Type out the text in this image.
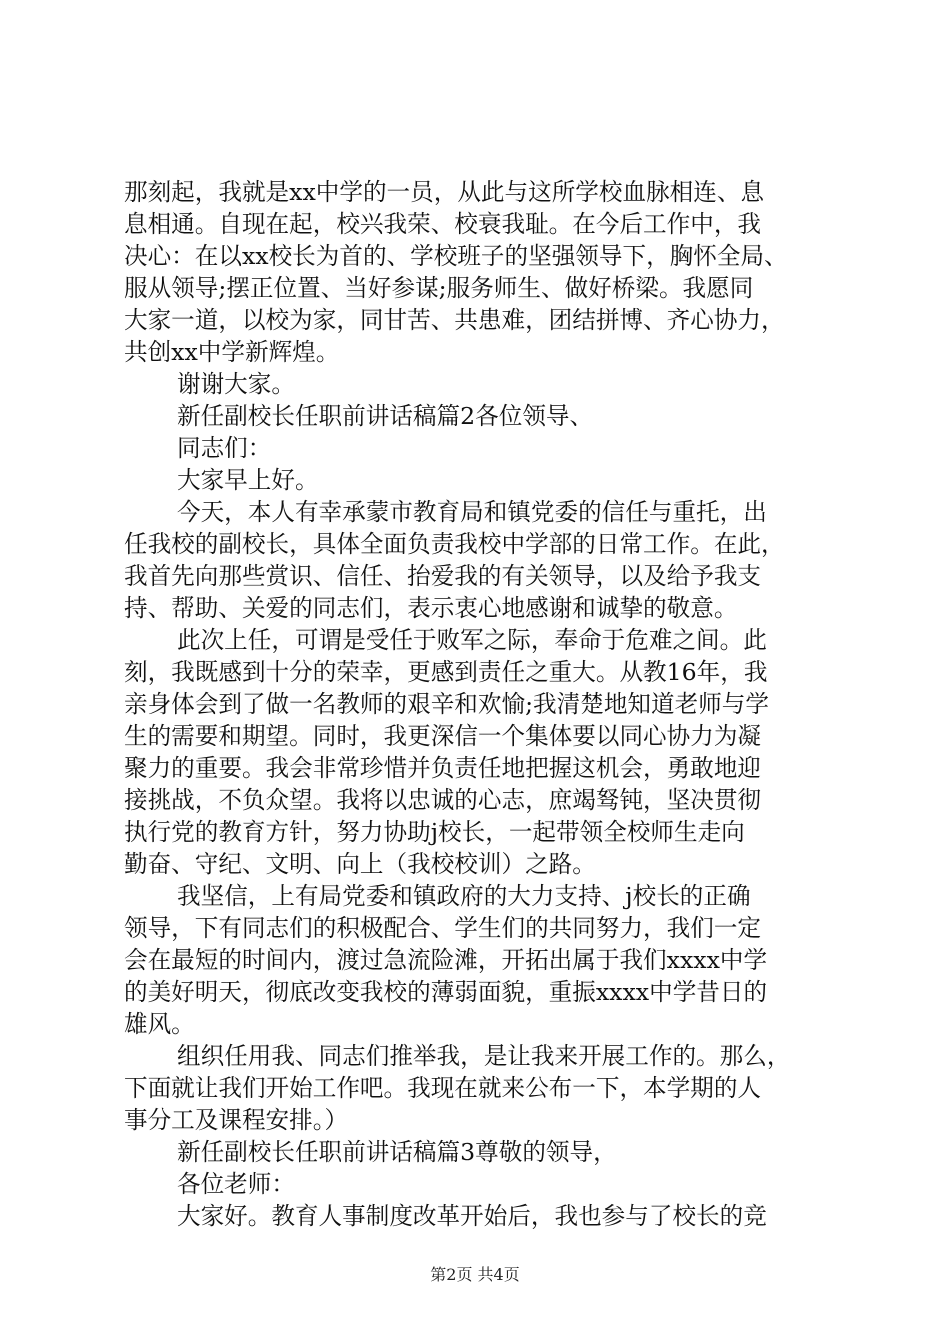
那刻起，我就是xx中学的一员，从此与这所学校血脉相连、息
息相通。自现在起，校兴我荣、校衰我耻。在今后工作中，我
决心：在以xx校长为首的、学校班子的坚强领导下，胸怀全局、
服从领导;摆正位置、当好参谋;服务师生、做好桥梁。我愿同
大家一道，以校为家，同甘苦、共患难，团结拼博、齐心协力，
共创xx中学新辉煌。
谢谢大家。
新任副校长任职前讲话稿篇2各位领导、
同志们：
大家早上好。
今天，本人有幸承蒙市教育局和镇党委的信任与重托，出
任我校的副校长，具体全面负责我校中学部的日常工作。在此，
我首先向那些赏识、信任、抬爱我的有关领导，以及给予我支
持、帮助、关爱的同志们，表示衷心地感谢和诚挚的敬意。
此次上任，可谓是受任于败军之际，奉命于危难之间。此
刻，我既感到十分的荣幸，更感到责任之重大。从教16年，我
亲身体会到了做一名教师的艰辛和欢愉;我清楚地知道老师与学
生的需要和期望。同时，我更深信一个集体要以同心协力为凝
聚力的重要。我会非常珍惜并负责任地把握这机会，勇敢地迎
接挑战，不负众望。我将以忠诚的心志，庶竭驽钝，坚决贯彻
执行党的教育方针，努力协助j校长，一起带领全校师生走向
勤奋、守纪、文明、向上（我校校训）之路。
我坚信，上有局党委和镇政府的大力支持、j校长的正确
领导，下有同志们的积极配合、学生们的共同努力，我们一定
会在最短的时间内，渡过急流险滩，开拓出属于我们xxxx中学
的美好明天，彻底改变我校的薄弱面貌，重振xxxx中学昔日的
雄风。
组织任用我、同志们推举我，是让我来开展工作的。那么，
下面就让我们开始工作吧。我现在就来公布一下，本学期的人
事分工及课程安排。）
新任副校长任职前讲话稿篇3尊敬的领导，
各位老师：
大家好。教育人事制度改革开始后，我也参与了校长的竞
第2页 共4页
